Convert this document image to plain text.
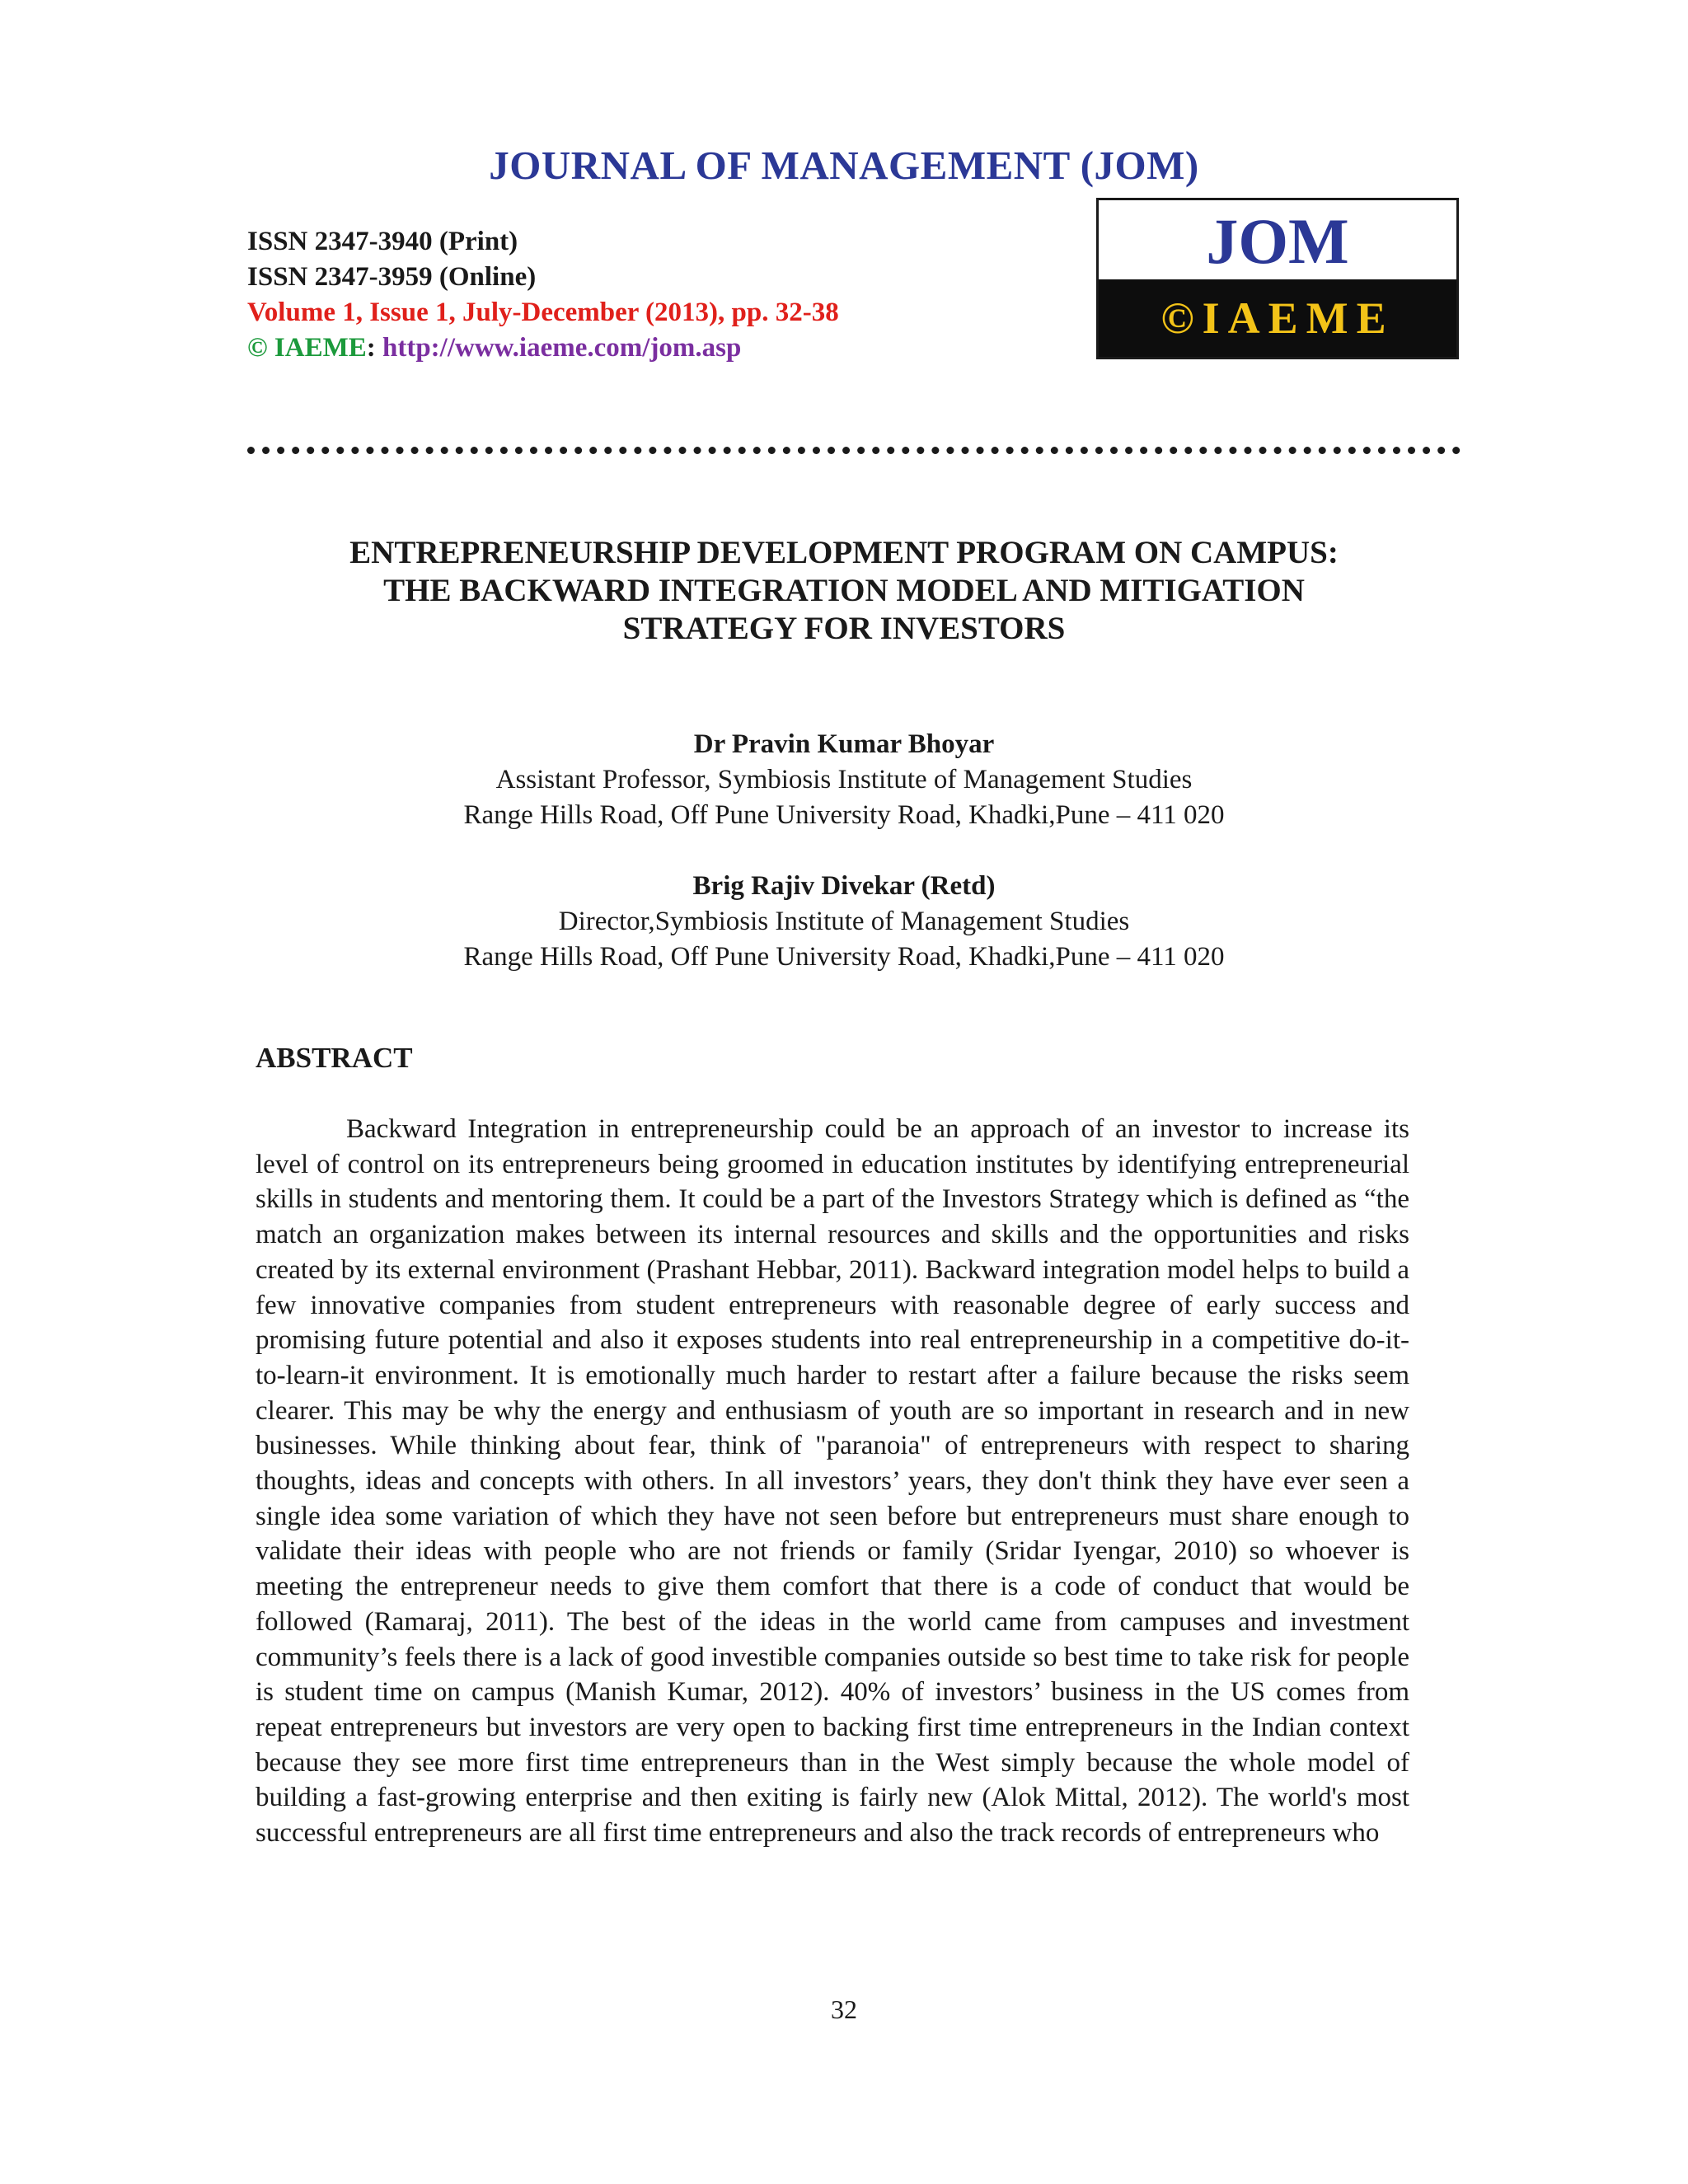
JOURNAL OF MANAGEMENT (JOM)
ISSN 2347-3940 (Print)
ISSN 2347-3959 (Online)
Volume 1, Issue 1, July-December (2013), pp. 32-38
© IAEME: http://www.iaeme.com/jom.asp
JOM
©IAEME
ENTREPRENEURSHIP DEVELOPMENT PROGRAM ON CAMPUS:
THE BACKWARD INTEGRATION MODEL AND MITIGATION
STRATEGY FOR INVESTORS
Dr Pravin Kumar Bhoyar
Assistant Professor, Symbiosis Institute of Management Studies
Range Hills Road, Off Pune University Road, Khadki,Pune – 411 020
Brig Rajiv Divekar (Retd)
Director,Symbiosis Institute of Management Studies
Range Hills Road, Off Pune University Road, Khadki,Pune – 411 020
ABSTRACT

Backward Integration in entrepreneurship could be an approach of an investor to increase its level of control on its entrepreneurs being groomed in education institutes by identifying entrepreneurial skills in students and mentoring them. It could be a part of the Investors Strategy which is defined as “the match an organization makes between its internal resources and skills and the opportunities and risks created by its external environment (Prashant Hebbar, 2011). Backward integration model helps to build a few innovative companies from student entrepreneurs with reasonable degree of early success and promising future potential and also it exposes students into real entrepreneurship in a competitive do-it-to-learn-it environment. It is emotionally much harder to restart after a failure because the risks seem clearer. This may be why the energy and enthusiasm of youth are so important in research and in new businesses. While thinking about fear, think of "paranoia" of entrepreneurs with respect to sharing thoughts, ideas and concepts with others. In all investors’ years, they don't think they have ever seen a single idea some variation of which they have not seen before but entrepreneurs must share enough to validate their ideas with people who are not friends or family (Sridar Iyengar, 2010) so whoever is meeting the entrepreneur needs to give them comfort that there is a code of conduct that would be followed (Ramaraj, 2011). The best of the ideas in the world came from campuses and investment community’s feels there is a lack of good investible companies outside so best time to take risk for people is student time on campus (Manish Kumar, 2012). 40% of investors’ business in the US comes from repeat entrepreneurs but investors are very open to backing first time entrepreneurs in the Indian context because they see more first time entrepreneurs than in the West simply because the whole model of building a fast-growing enterprise and then exiting is fairly new (Alok Mittal, 2012). The world's most successful entrepreneurs are all first time entrepreneurs and also the track records of entrepreneurs who

32
